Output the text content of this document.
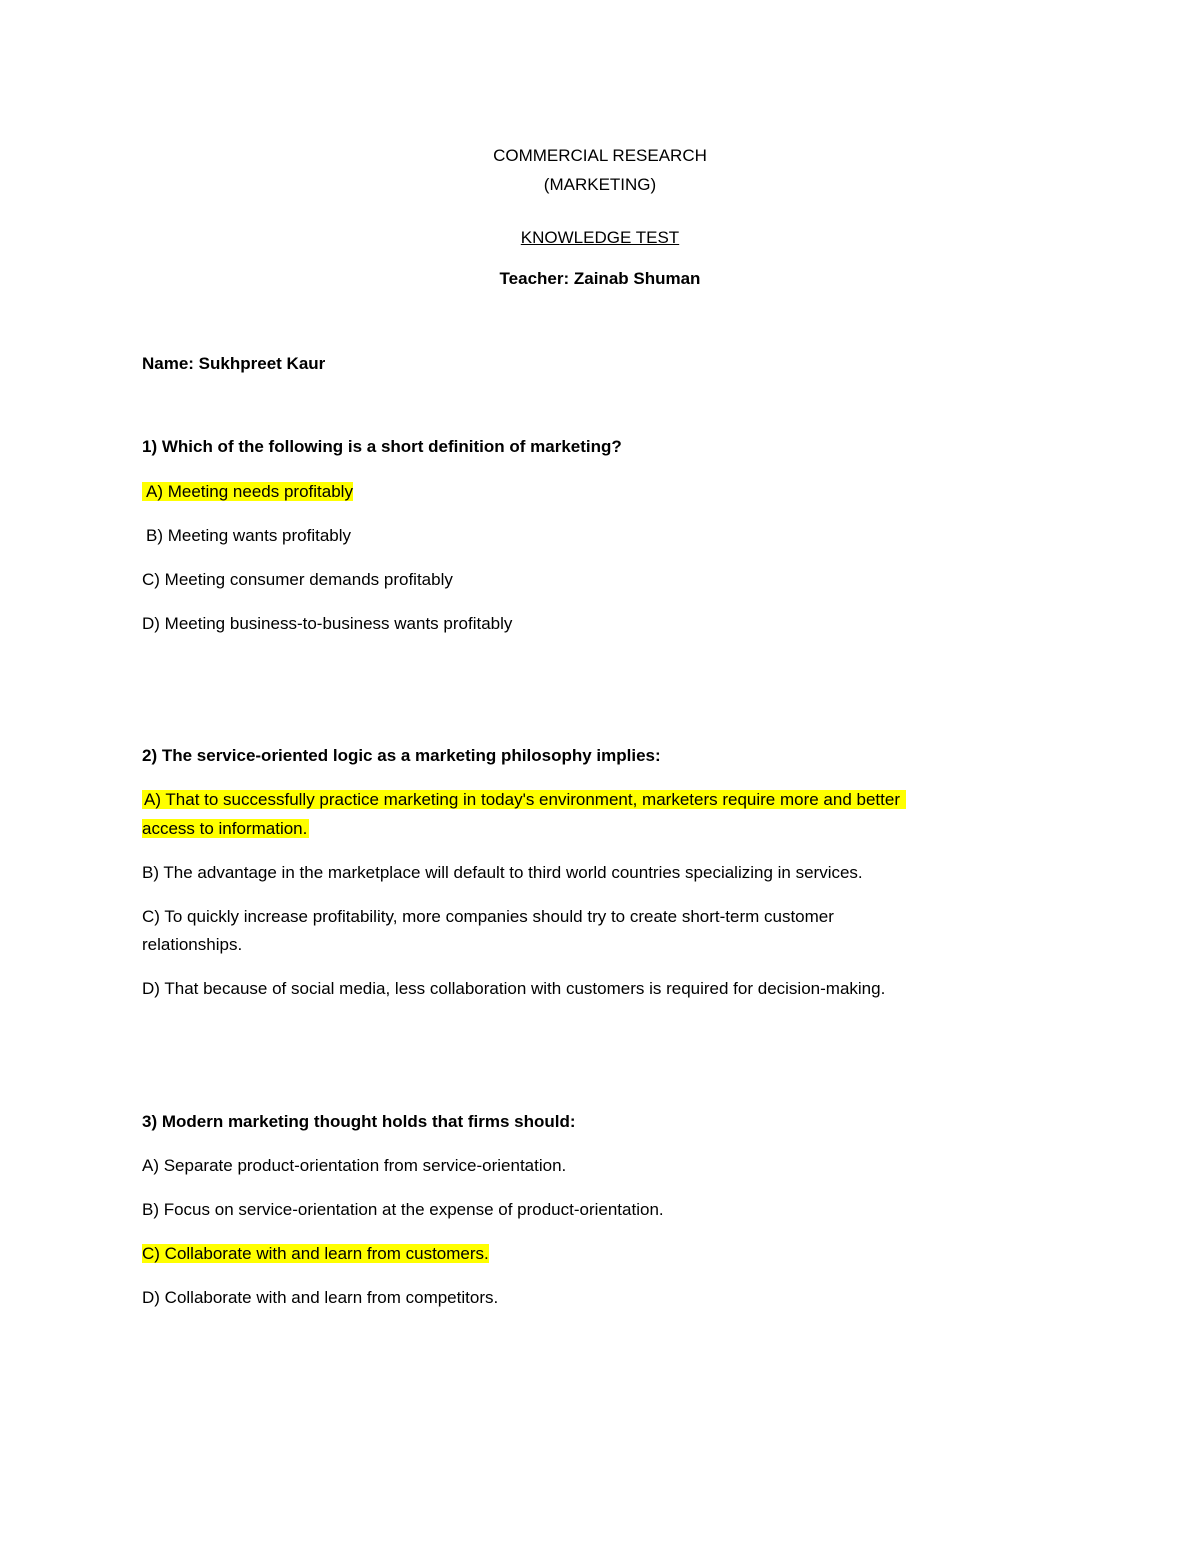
COMMERCIAL RESEARCH
(MARKETING)
KNOWLEDGE TEST
Teacher: Zainab Shuman
Name: Sukhpreet Kaur
1) Which of the following is a short definition of marketing?
A) Meeting needs profitably
B) Meeting wants profitably
C) Meeting consumer demands profitably
D) Meeting business-to-business wants profitably
2) The service-oriented logic as a marketing philosophy implies:
A) That to successfully practice marketing in today's environment, marketers require more and better
access to information.
B) The advantage in the marketplace will default to third world countries specializing in services.
C) To quickly increase profitability, more companies should try to create short-term customer
relationships.
D) That because of social media, less collaboration with customers is required for decision-making.
3) Modern marketing thought holds that firms should:
A) Separate product-orientation from service-orientation.
B) Focus on service-orientation at the expense of product-orientation.
C) Collaborate with and learn from customers.
D) Collaborate with and learn from competitors.
